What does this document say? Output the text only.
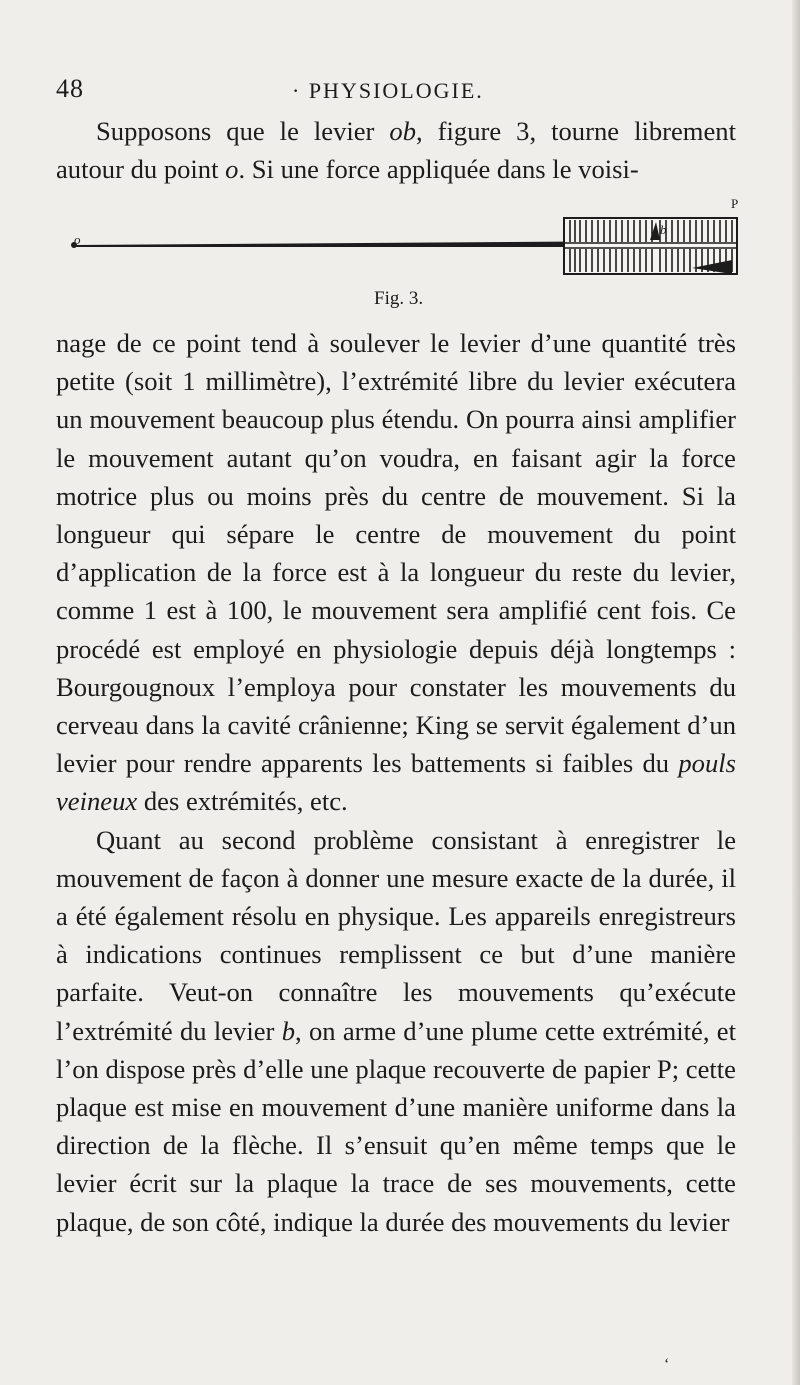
48	· PHYSIOLOGIE.

Supposons que le levier ob, figure 3, tourne librement autour du point o. Si une force appliquée dans le voisi-

o
b
P
Fig. 3.

nage de ce point tend à soulever le levier d’une quantité très petite (soit 1 millimètre), l’extrémité libre du levier exécutera un mouvement beaucoup plus étendu. On pourra ainsi amplifier le mouvement autant qu’on voudra, en faisant agir la force motrice plus ou moins près du centre de mouvement. Si la longueur qui sépare le centre de mouvement du point d’application de la force est à la longueur du reste du levier, comme 1 est à 100, le mouvement sera amplifié cent fois. Ce procédé est employé en physiologie depuis déjà longtemps : Bourgougnoux l’employa pour constater les mouvements du cerveau dans la cavité crânienne; King se servit également d’un levier pour rendre apparents les battements si faibles du pouls veineux des extrémités, etc.

Quant au second problème consistant à enregistrer le mouvement de façon à donner une mesure exacte de la durée, il a été également résolu en physique. Les appareils enregistreurs à indications continues remplissent ce but d’une manière parfaite. Veut-on connaître les mouvements qu’exécute l’extrémité du levier b, on arme d’une plume cette extrémité, et l’on dispose près d’elle une plaque recouverte de papier P; cette plaque est mise en mouvement d’une manière uniforme dans la direction de la flèche. Il s’ensuit qu’en même temps que le levier écrit sur la plaque la trace de ses mouvements, cette plaque, de son côté, indique la durée des mouvements du levier

ʻ
